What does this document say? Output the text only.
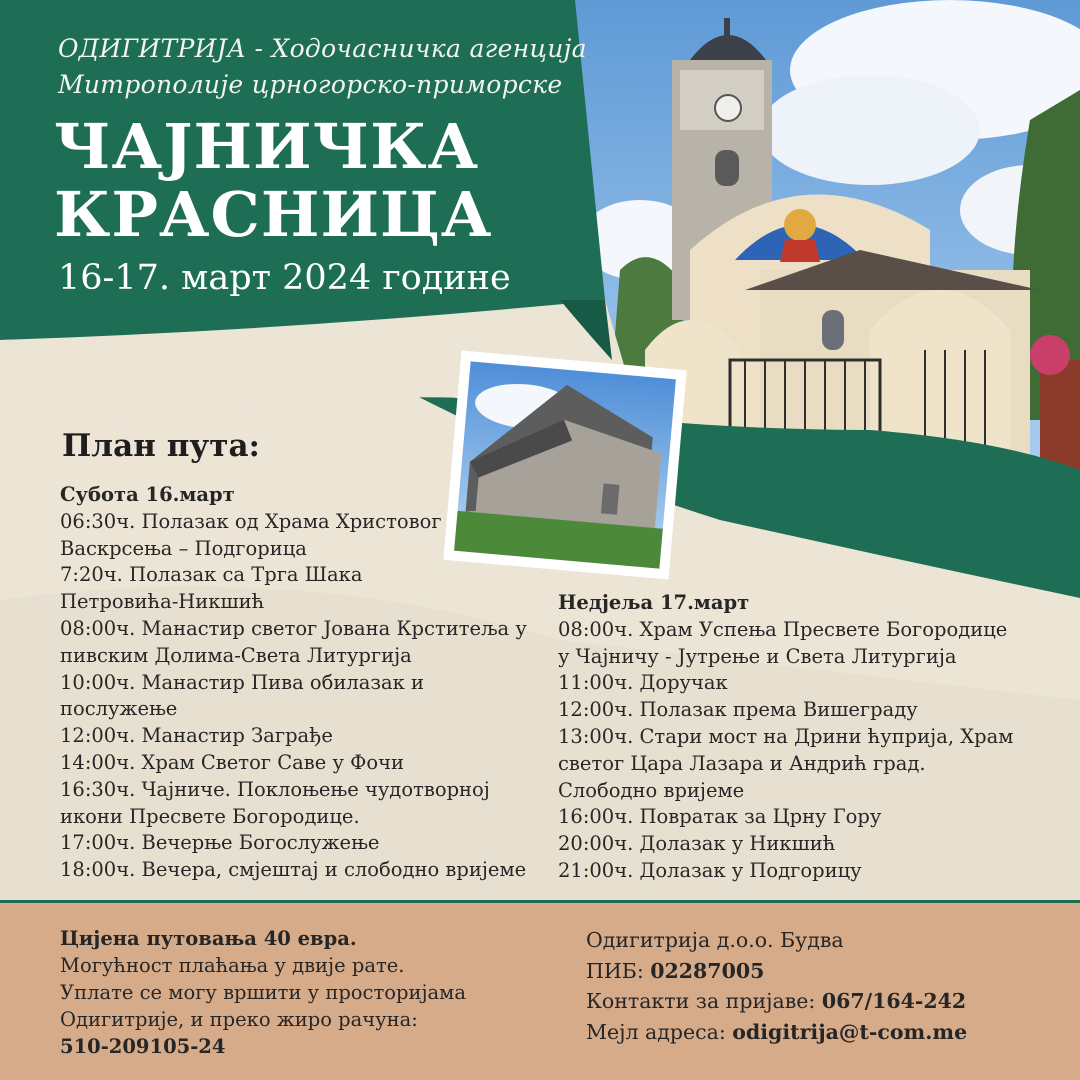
ОДИГИТРИЈА - Ходочасничка агенција

Митрополије црногорско-приморске

ЧАЈНИЧКА

КРАСНИЦА

16-17. март 2024 године

План пута:

Субота 16.март
06:30ч. Полазак од Храма Христовог
Васкрсења – Подгорица
7:20ч. Полазак са Трга Шака
Петровића-Никшић
08:00ч. Манастир светог Јована Крститеља у
пивским Долима-Света Литургија
10:00ч. Манастир Пива обилазак и
послужење
12:00ч. Манастир Заграђе
14:00ч. Храм Светог Саве у Фочи
16:30ч. Чајниче. Поклоњење чудотворној
икони Пресвете Богородице.
17:00ч. Вечерње Богослужење
18:00ч. Вечера, смјештај и слободно вријеме
Недјеља 17.март
08:00ч. Храм Успења Пресвете Богородице
у Чајничу - Јутрење и Света Литургија
11:00ч. Доручак
12:00ч. Полазак према Вишеграду
13:00ч. Стари мост на Дрини ћуприја, Храм
светог Цара Лазара и Андрић град.
Слободно вријеме
16:00ч. Повратак за Црну Гору
20:00ч. Долазак у Никшић
21:00ч. Долазак у Подгорицу
Цијена путовања 40 евра.
Могућност плаћања у двије рате.
Уплате се могу вршити у просторијама
Одигитрије, и преко жиро рачуна:
510-209105-24
Одигитрија д.о.о. Будва
ПИБ: 02287005
Контакти за пријаве: 067/164-242
Мејл адреса: odigitrija@t-com.me
